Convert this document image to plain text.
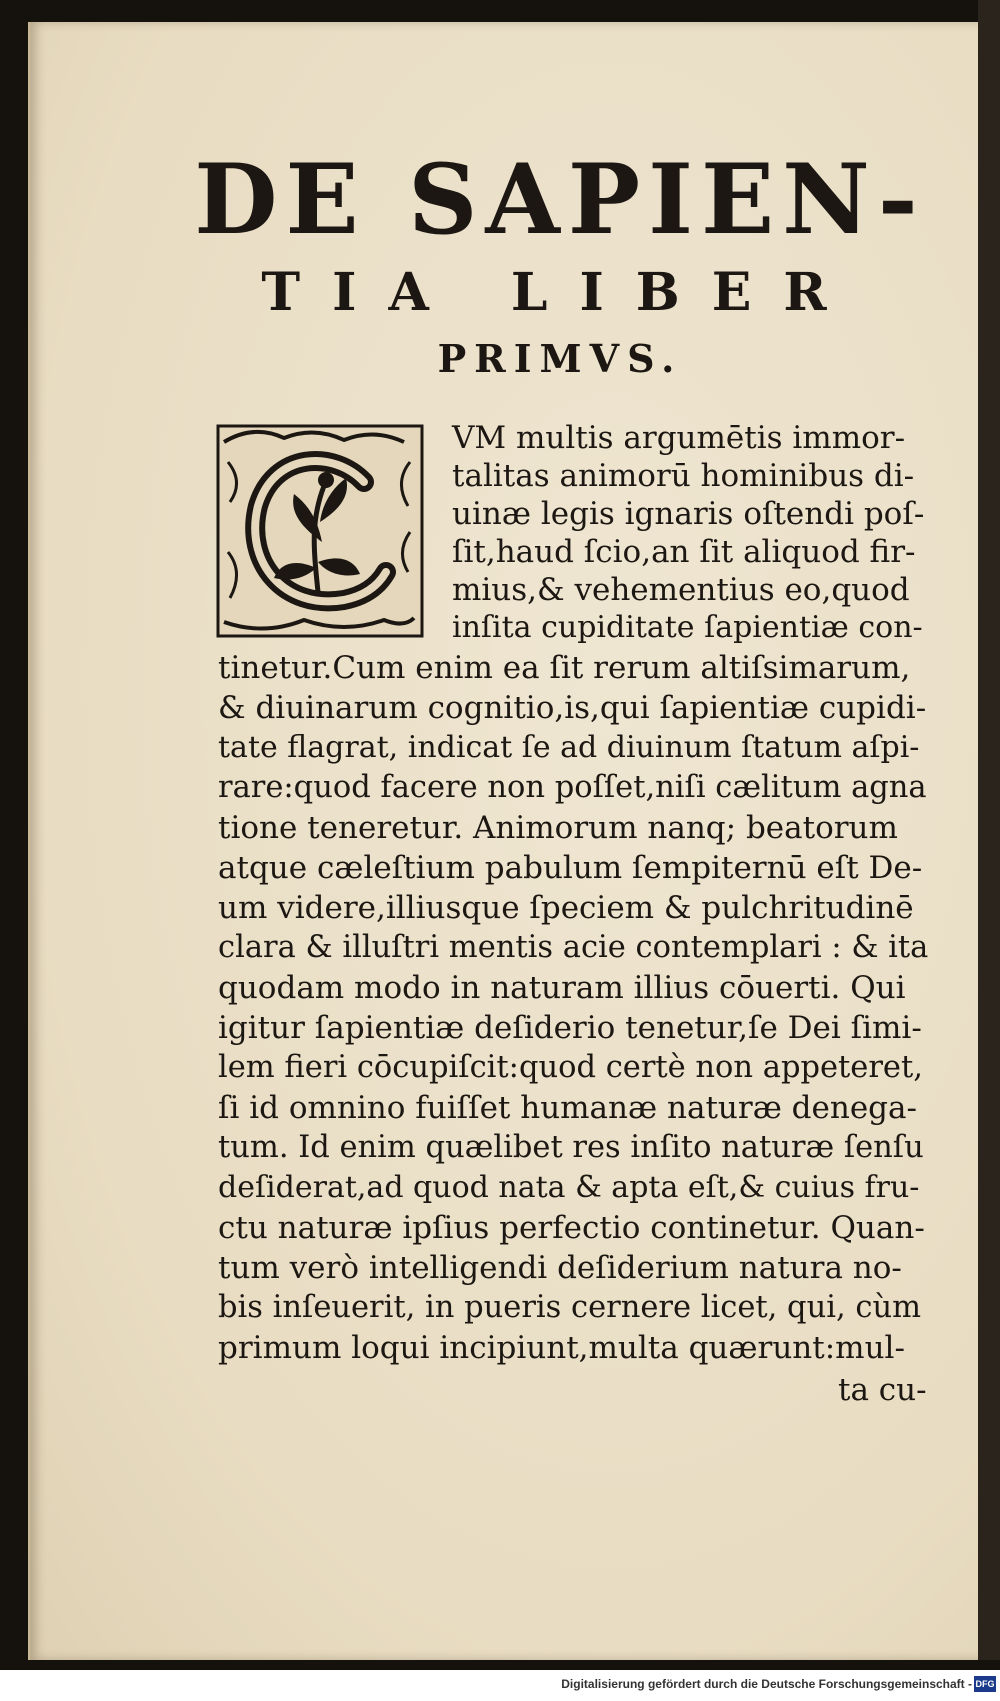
DE SAPIEN-
TIA LIBER
PRIMVS.
VM multis argumētis immor-
talitas animorū hominibus di-
uinæ legis ignaris oſtendi poſ-
ſit,haud ſcio,an ſit aliquod fir-
mius,& vehementius eo,quod
inſita cupiditate ſapientiæ con-
tinetur.Cum enim ea ſit rerum altiſsimarum,
& diuinarum cognitio,is,qui ſapientiæ cupidi-
tate flagrat, indicat ſe ad diuinum ſtatum aſpi-
rare:quod facere non poſſet,niſi cælitum agna
tione teneretur. Animorum nanq; beatorum
atque cæleſtium pabulum ſempiternū eſt De-
um videre,illiusque ſpeciem & pulchritudinē
clara & illuſtri mentis acie contemplari : & ita
quodam modo in naturam illius cōuerti. Qui
igitur ſapientiæ deſiderio tenetur,ſe Dei ſimi-
lem fieri cōcupiſcit:quod certè non appeteret,
ſi id omnino fuiſſet humanæ naturæ denega-
tum. Id enim quælibet res inſito naturæ ſenſu
deſiderat,ad quod nata & apta eſt,& cuius fru-
ctu naturæ ipſius perfectio continetur. Quan-
tum verò intelligendi deſiderium natura no-
bis inſeuerit, in pueris cernere licet, qui, cùm
primum loqui incipiunt,multa quærunt:mul-
ta cu-
Digitalisierung gefördert durch die Deutsche Forschungsgemeinschaft - DFG
